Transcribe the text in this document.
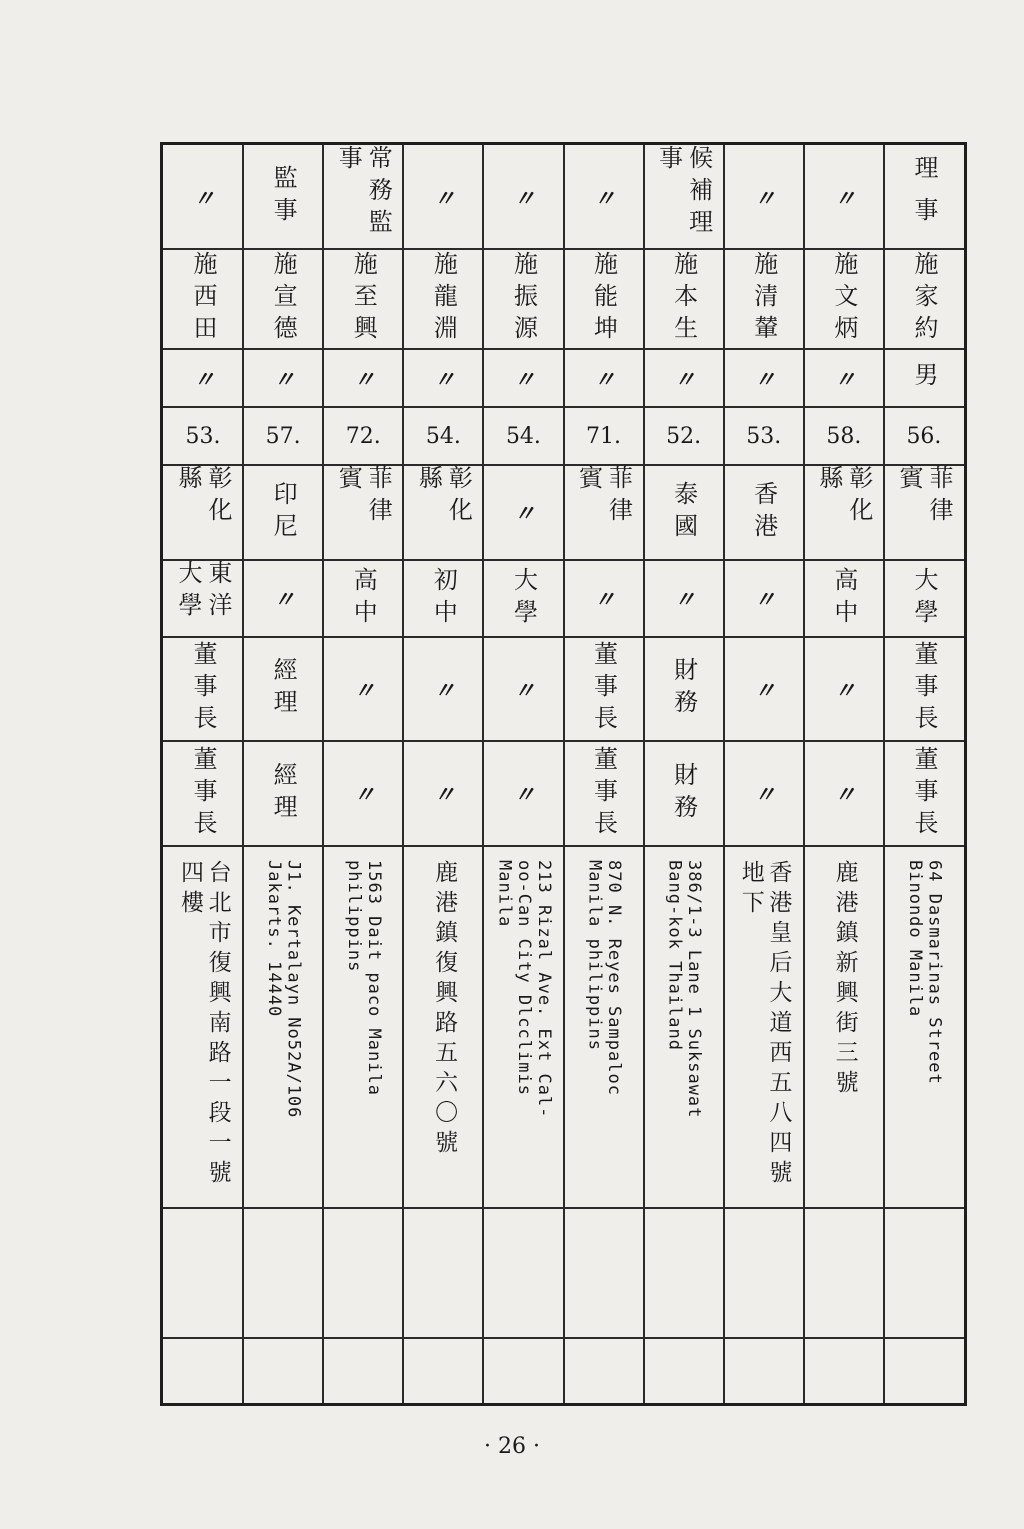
理事
施家約
男
56.
菲律賓
大學
董事長
董事長
64 Dasmarinas Street
Binondo Manila
〃
施文炳
〃
58.
彰化縣
高中
〃
〃
鹿港鎮新興街三號
〃
施清輦
〃
53.
香港
〃
〃
〃
香港皇后大道西五八四號地下
候補理事
施本生
〃
52.
泰國
〃
財務
財務
386/1-3 Lane 1 Suksawat
Bang-kok Thailand
〃
施能坤
〃
71.
菲律賓
〃
董事長
董事長
870 N. Reyes Sampaloc
Manila philippins
〃
施振源
〃
54.
〃
大學
〃
〃
213 Rizal Ave. Ext Cal-
oo-Can City Dlcclimis
Manila
〃
施龍淵
〃
54.
彰化縣
初中
〃
〃
鹿港鎮復興路五六〇號
常務監事
施至興
〃
72.
菲律賓
高中
〃
〃
1563 Dait paco Manila
philippins
監事
施宣德
〃
57.
印尼
〃
經理
經理
J1. Kertalayn No52A/106
Jakarts. 14440
〃
施西田
〃
53.
彰化縣
東洋大學
董事長
董事長
台北市復興南路一段一號四樓
· 26 ·
